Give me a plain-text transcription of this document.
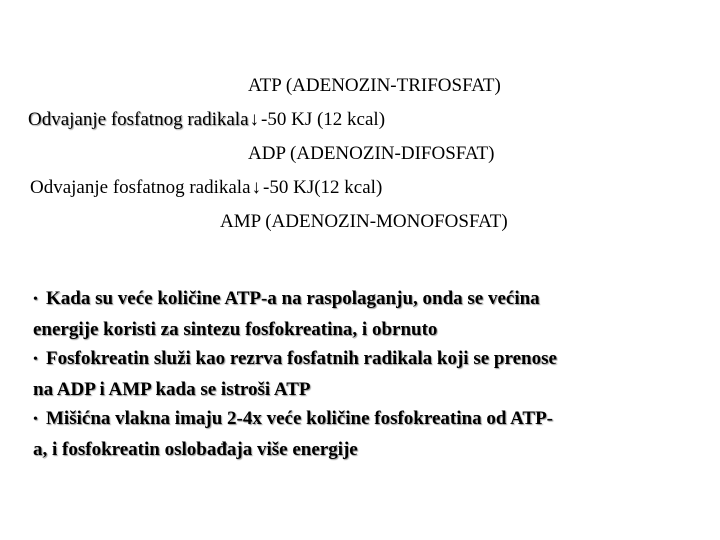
ATP (ADENOZIN-TRIFOSFAT)
Odvajanje fosfatnog radikala↓ -50 KJ (12 kcal)
ADP (ADENOZIN-DIFOSFAT)
Odvajanje fosfatnog radikala↓ -50 KJ(12 kcal)
AMP (ADENOZIN-MONOFOSFAT)
• Kada su veće količine ATP-a na raspolaganju, onda se većina
energije koristi za sintezu fosfokreatina, i obrnuto
• Fosfokreatin služi kao rezrva fosfatnih radikala koji se prenose
na ADP i AMP kada se istroši ATP
• Mišićna vlakna imaju 2-4x veće količine fosfokreatina od ATP-
a, i fosfokreatin oslobađaja više energije
